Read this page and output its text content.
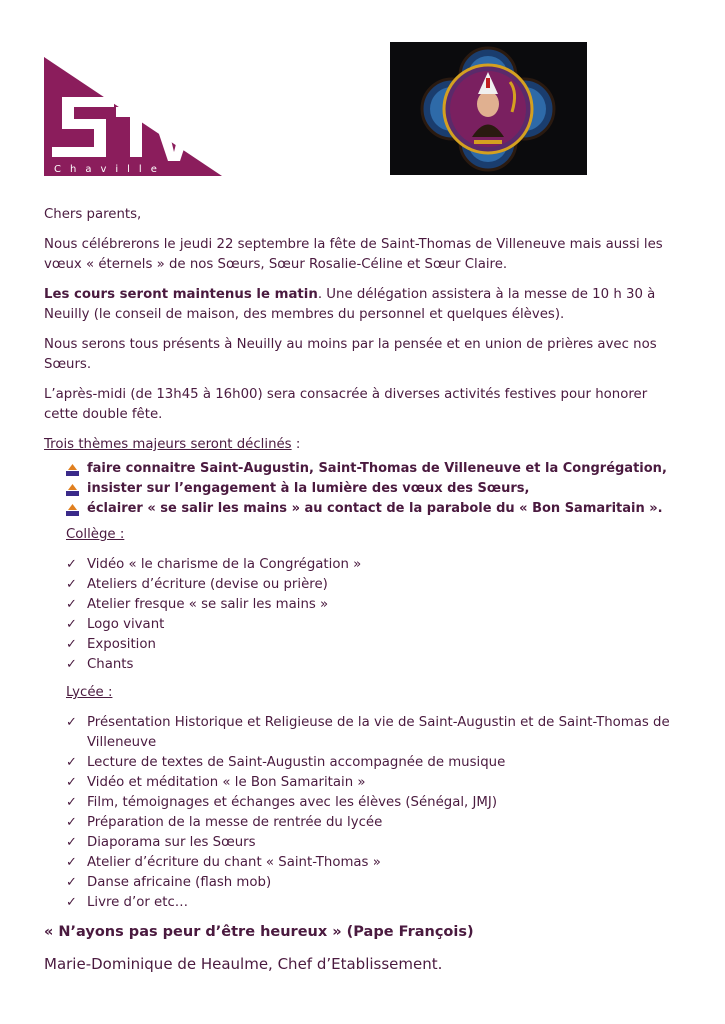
Chaville

Chers parents,

Nous célébrerons le jeudi 22 septembre la fête de Saint-Thomas de Villeneuve mais aussi les vœux « éternels » de nos Sœurs, Sœur Rosalie-Céline et Sœur Claire.

Les cours seront maintenus le matin. Une délégation assistera à la messe de 10 h 30 à Neuilly (le conseil de maison, des membres du personnel et quelques élèves).

Nous serons tous présents à Neuilly au moins par la pensée et en union de prières avec nos Sœurs.

L’après-midi (de 13h45 à 16h00) sera consacrée à diverses activités festives pour honorer cette double fête.

Trois thèmes majeurs seront déclinés :

faire connaitre Saint-Augustin, Saint-Thomas de Villeneuve et la Congrégation,
insister sur l’engagement à la lumière des vœux des Sœurs,
éclairer « se salir les mains » au contact de la parabole du « Bon Samaritain ».

Collège :

✓ Vidéo « le charisme de la Congrégation »
✓ Ateliers d’écriture (devise ou prière)
✓ Atelier fresque « se salir les mains »
✓ Logo vivant
✓ Exposition
✓ Chants

Lycée :

✓ Présentation Historique et Religieuse de la vie de Saint-Augustin et de Saint-Thomas de Villeneuve
✓ Lecture de textes de Saint-Augustin accompagnée de musique
✓ Vidéo et méditation « le Bon Samaritain »
✓ Film, témoignages et échanges avec les élèves (Sénégal, JMJ)
✓ Préparation de la messe de rentrée du lycée
✓ Diaporama sur les Sœurs
✓ Atelier d’écriture du chant « Saint-Thomas »
✓ Danse africaine (flash mob)
✓ Livre d’or etc…

« N’ayons pas peur d’être heureux » (Pape François)

Marie-Dominique de Heaulme, Chef d’Etablissement.
